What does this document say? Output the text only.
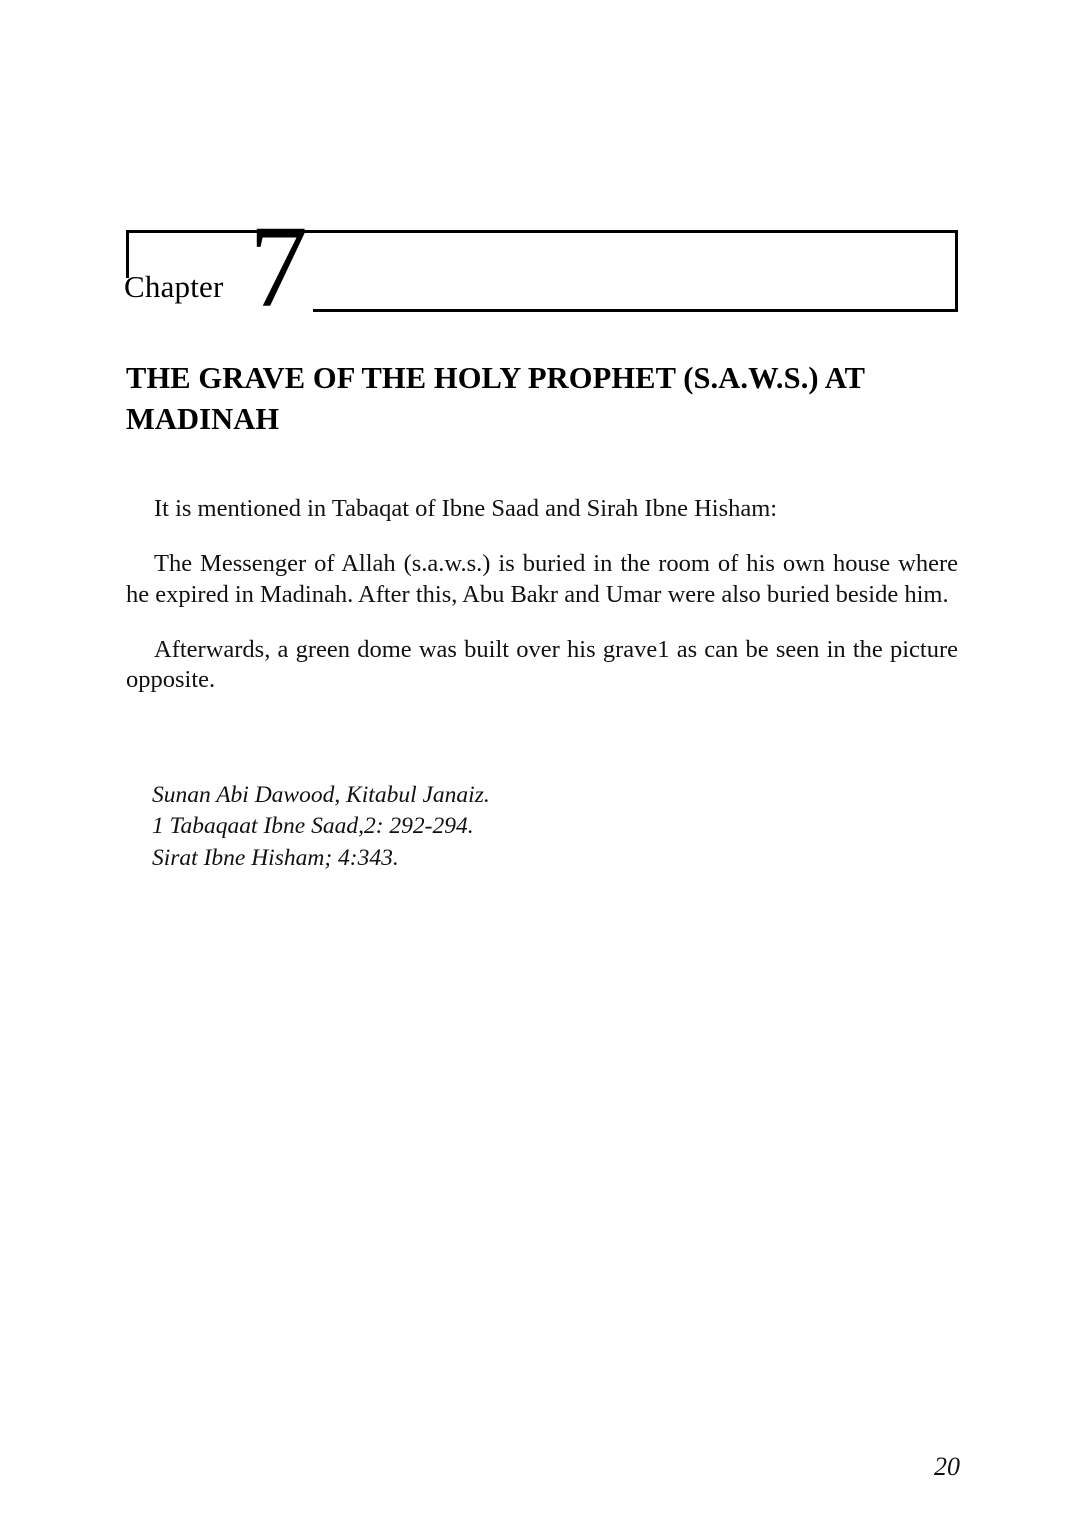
Chapter 7
THE GRAVE OF THE HOLY PROPHET (S.A.W.S.) AT MADINAH

It is mentioned in Tabaqat of Ibne Saad and Sirah Ibne Hisham:

The Messenger of Allah (s.a.w.s.) is buried in the room of his own house where he expired in Madinah. After this, Abu Bakr and Umar were also buried beside him.

Afterwards, a green dome was built over his grave1 as can be seen in the picture opposite.

Sunan Abi Dawood, Kitabul Janaiz.
1 Tabaqaat Ibne Saad,2: 292-294.
Sirat Ibne Hisham; 4:343.
20
